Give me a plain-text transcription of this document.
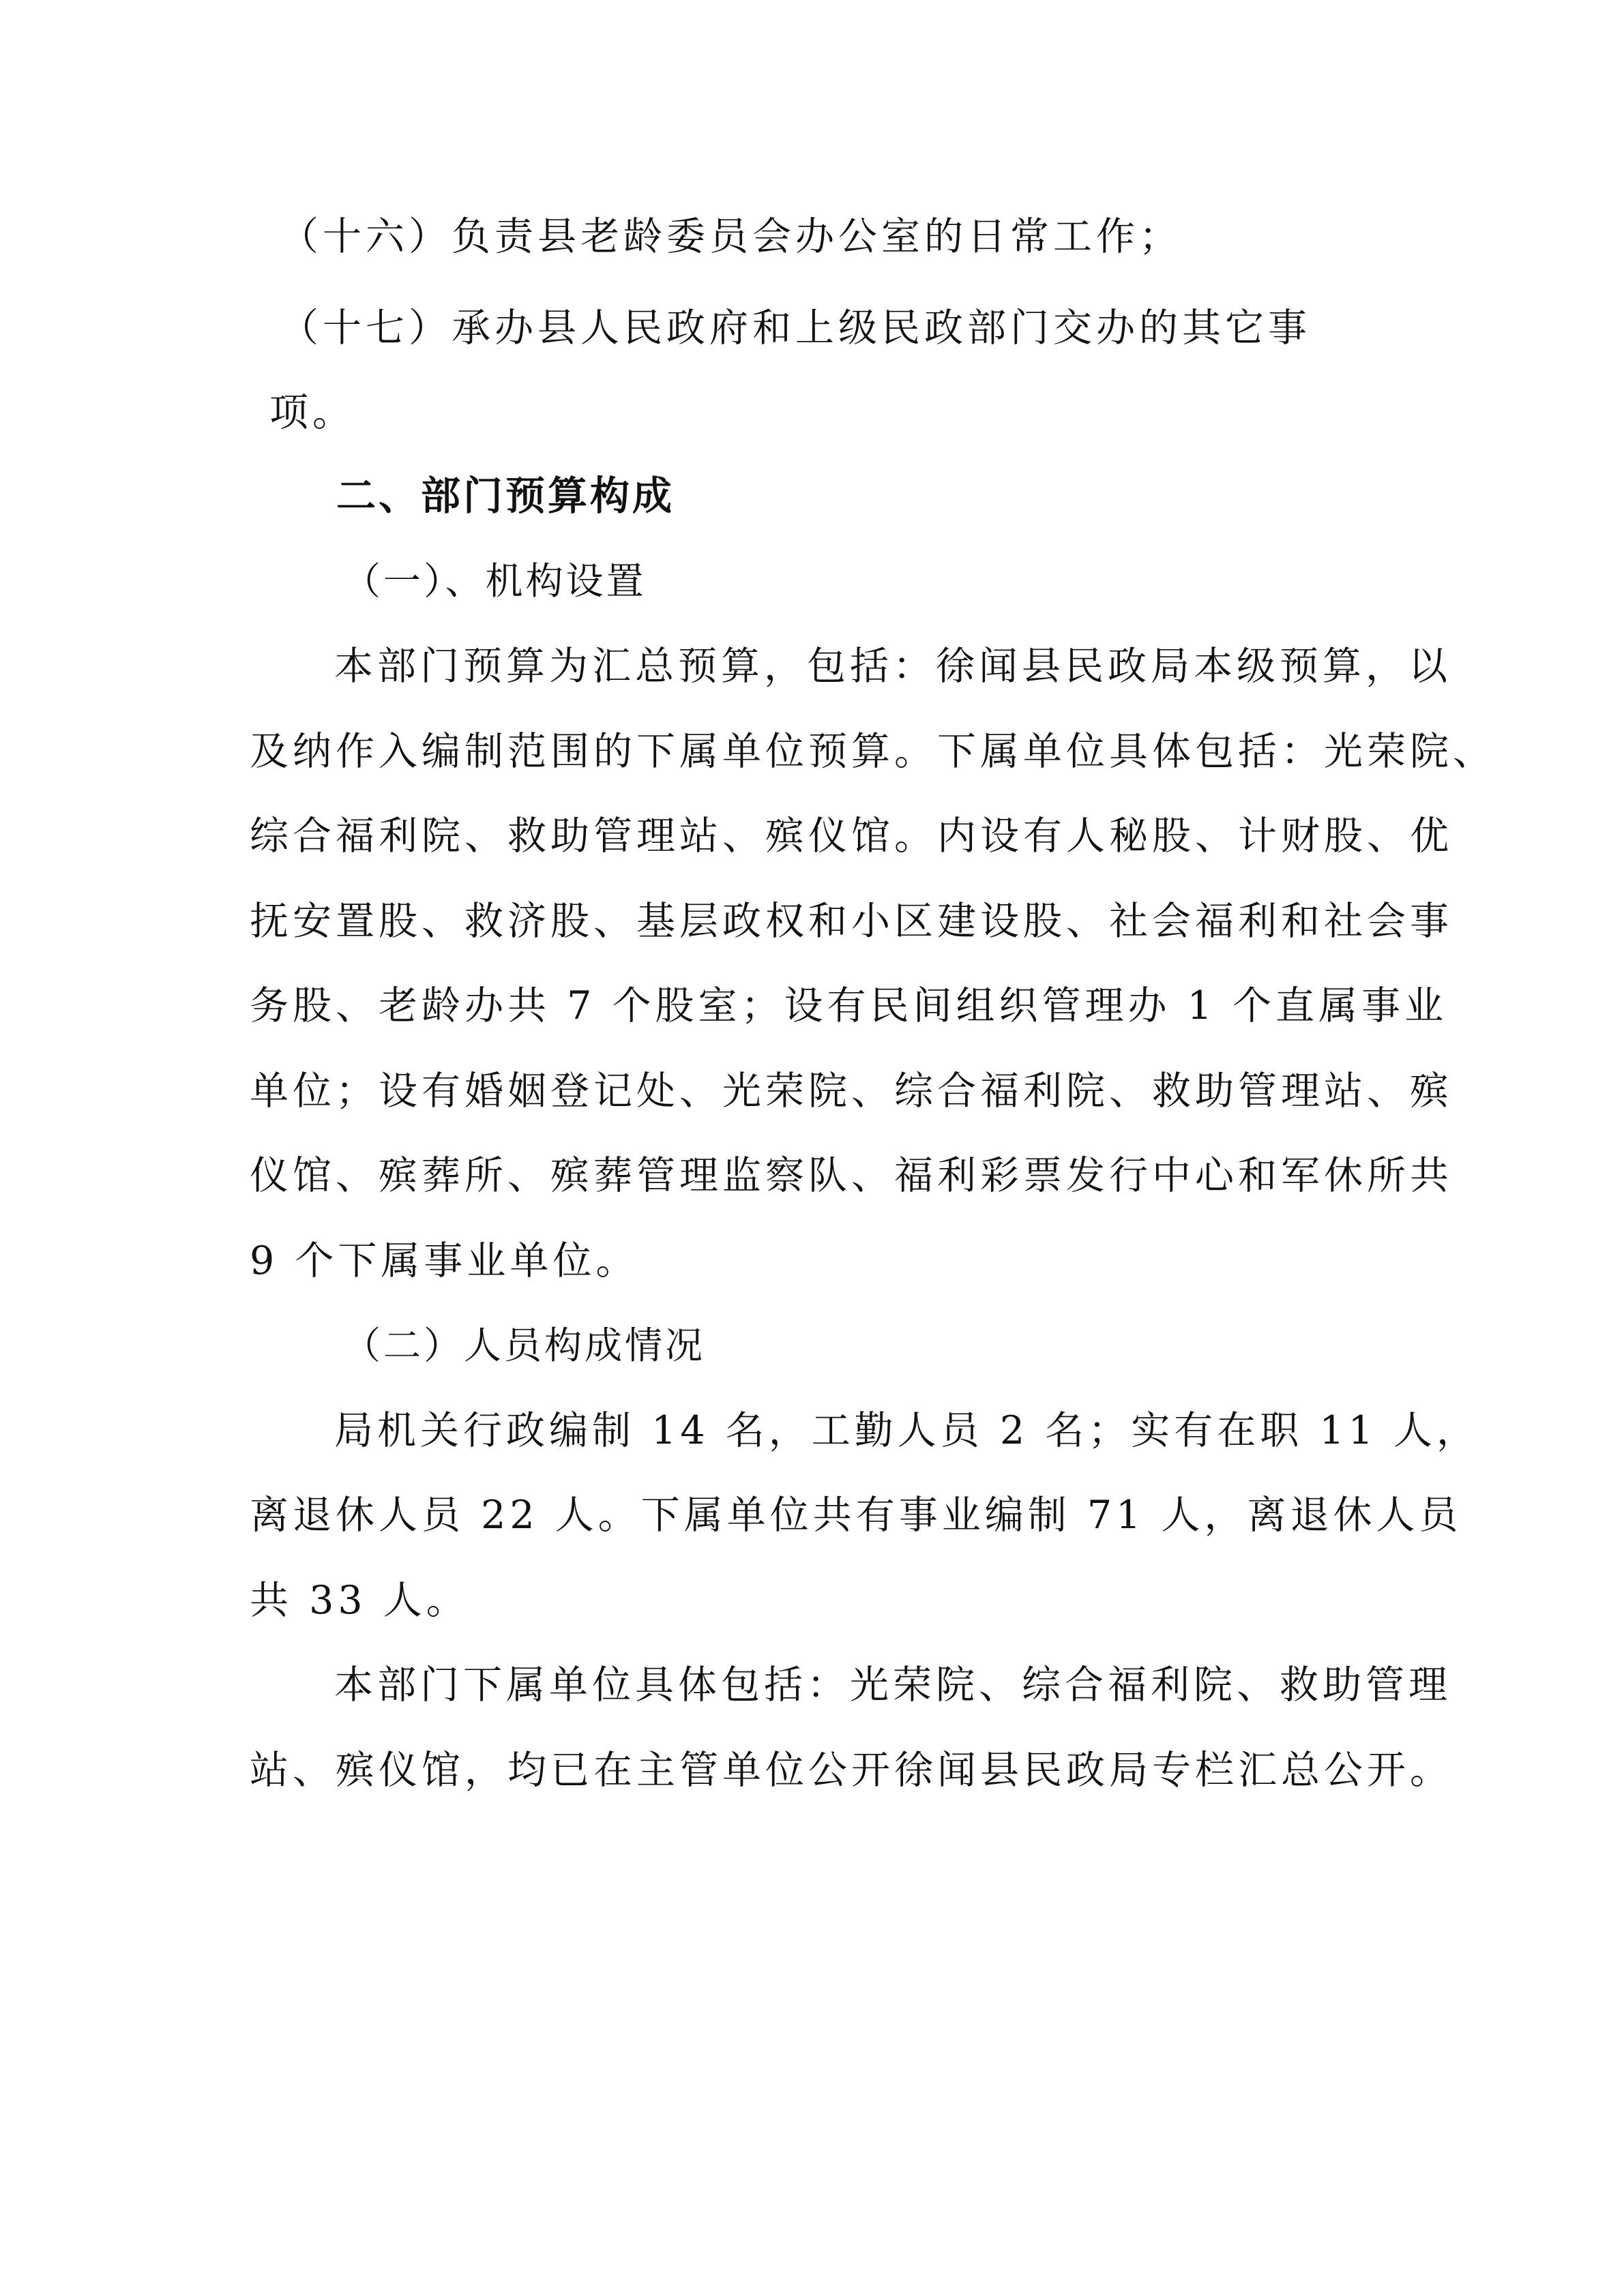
（十六）负责县老龄委员会办公室的日常工作；
（十七）承办县人民政府和上级民政部门交办的其它事
项。
二、部门预算构成
（一）、机构设置
本部门预算为汇总预算，包括：徐闻县民政局本级预算，以
及纳作入编制范围的下属单位预算。下属单位具体包括：光荣院、
综合福利院、救助管理站、殡仪馆。内设有人秘股、计财股、优
抚安置股、救济股、基层政权和小区建设股、社会福利和社会事
务股、老龄办共 7 个股室；设有民间组织管理办 1 个直属事业
单位；设有婚姻登记处、光荣院、综合福利院、救助管理站、殡
仪馆、殡葬所、殡葬管理监察队、福利彩票发行中心和军休所共
9 个下属事业单位。
（二）人员构成情况
局机关行政编制 14 名，工勤人员 2 名；实有在职 11 人，
离退休人员 22 人。下属单位共有事业编制 71 人，离退休人员
共 33 人。
本部门下属单位具体包括：光荣院、综合福利院、救助管理
站、殡仪馆，均已在主管单位公开徐闻县民政局专栏汇总公开。
